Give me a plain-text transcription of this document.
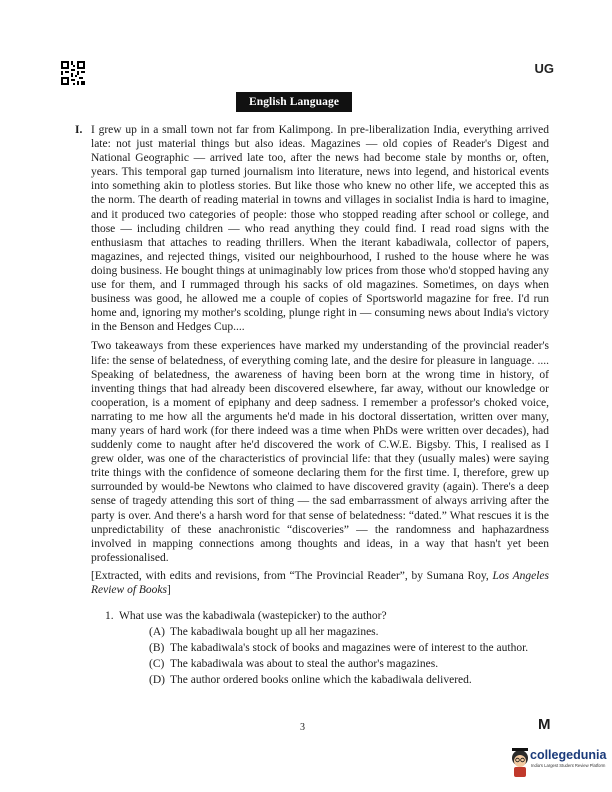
UG
English Language

I. I grew up in a small town not far from Kalimpong. In pre-liberalization India, everything arrived late: not just material things but also ideas. Magazines — old copies of Reader's Digest and National Geographic — arrived late too, after the news had become stale by months or, often, years. This temporal gap turned journalism into literature, news into legend, and historical events into something akin to plotless stories. But like those who knew no other life, we accepted this as the norm. The dearth of reading material in towns and villages in socialist India is hard to imagine, and it produced two categories of people: those who stopped reading after school or college, and those — including children — who read anything they could find. I read road signs with the enthusiasm that attaches to reading thrillers. When the iterant kabadiwala, collector of papers, magazines, and rejected things, visited our neighbourhood, I rushed to the house where he was doing business. He bought things at unimaginably low prices from those who'd stopped having any use for them, and I rummaged through his sacks of old magazines. Sometimes, on days when business was good, he allowed me a couple of copies of Sportsworld magazine for free. I'd run home and, ignoring my mother's scolding, plunge right in — consuming news about India's victory in the Benson and Hedges Cup....

Two takeaways from these experiences have marked my understanding of the provincial reader's life: the sense of belatedness, of everything coming late, and the desire for pleasure in language. .... Speaking of belatedness, the awareness of having been born at the wrong time in history, of inventing things that had already been discovered elsewhere, far away, without our knowledge or cooperation, is a moment of epiphany and deep sadness. I remember a professor's choked voice, narrating to me how all the arguments he'd made in his doctoral dissertation, written over many, many years of hard work (for there indeed was a time when PhDs were written over decades), had suddenly come to naught after he'd discovered the work of C.W.E. Bigsby. This, I realised as I grew older, was one of the characteristics of provincial life: that they (usually males) were saying trite things with the confidence of someone declaring them for the first time. I, therefore, grew up surrounded by would-be Newtons who claimed to have discovered gravity (again). There's a deep sense of tragedy attending this sort of thing — the sad embarrassment of always arriving after the party is over. And there's a harsh word for that sense of belatedness: “dated.” What rescues it is the unpredictability of these anachronistic “discoveries” — the randomness and haphazardness involved in mapping connections among thoughts and ideas, in a way that hasn't yet been professionalised.

[Extracted, with edits and revisions, from “The Provincial Reader”, by Sumana Roy, Los Angeles Review of Books]

1. What use was the kabadiwala (wastepicker) to the author?
(A) The kabadiwala bought up all her magazines.
(B) The kabadiwala's stock of books and magazines were of interest to the author.
(C) The kabadiwala was about to steal the author's magazines.
(D) The author ordered books online which the kabadiwala delivered.
3	M
collegedunia
India's Largest Student Review Platform
